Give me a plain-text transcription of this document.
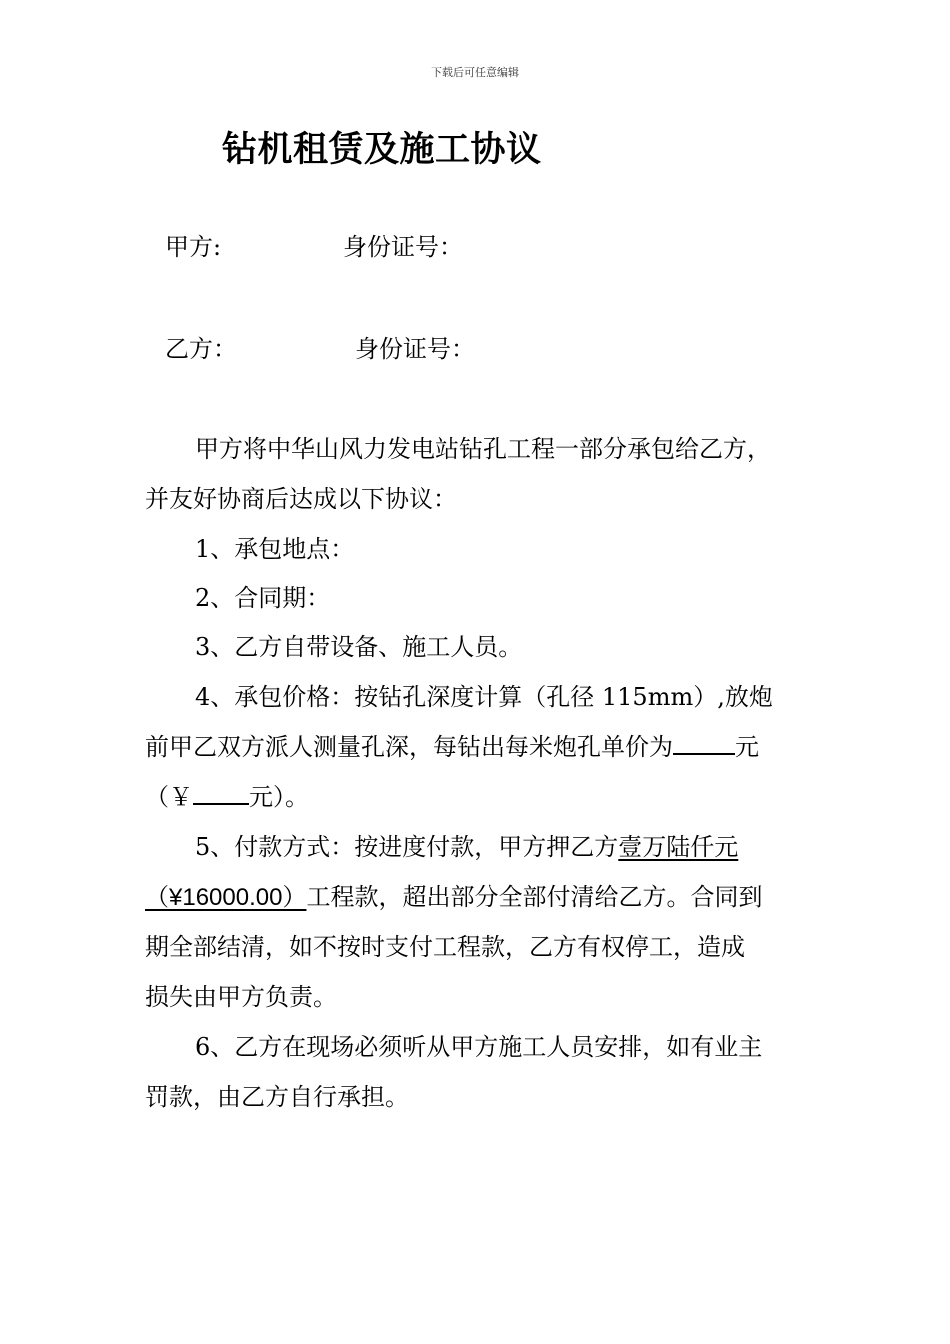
下载后可任意编辑
钻机租赁及施工协议
甲方:	身份证号：
乙方：	身份证号：
甲方将中华山风力发电站钻孔工程一部分承包给乙方，
并友好协商后达成以下协议：
1、承包地点：
2、合同期：
3、乙方自带设备、施工人员。
4、承包价格：按钻孔深度计算（孔径 115mm）,放炮
前甲乙双方派人测量孔深，每钻出每米炮孔单价为	元
（￥ 元）。
5、付款方式：按进度付款，甲方押乙方壹万陆仟元
（¥16000.00）工程款，超出部分全部付清给乙方。合同到
期全部结清，如不按时支付工程款，乙方有权停工，造成
损失由甲方负责。
6、乙方在现场必须听从甲方施工人员安排，如有业主
罚款，由乙方自行承担。
